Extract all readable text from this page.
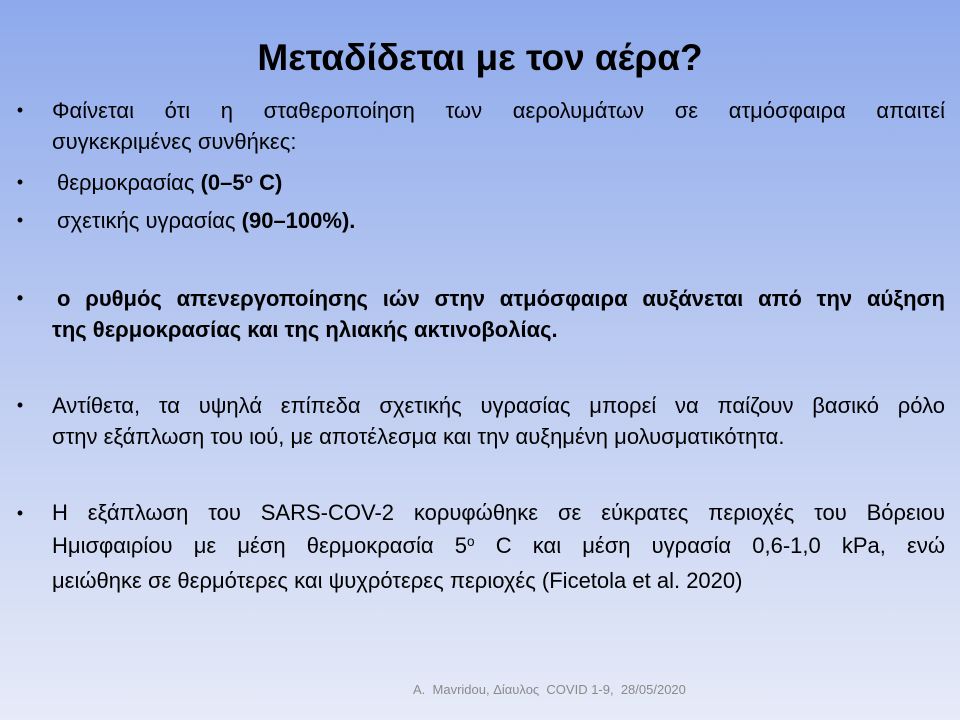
Μεταδίδεται με τον αέρα?
• Φαίνεται ότι η σταθεροποίηση των αερολυμάτων σε ατμόσφαιρα απαιτεί
συγκεκριμένες συνθήκες:
• θερμοκρασίας ($0-5^o$ C)
• σχετικής υγρασίας (90–100%).
• ο ρυθμός απενεργοποίησης ιών στην ατμόσφαιρα αυξάνεται από την αύξηση
της θερμοκρασίας και της ηλιακής ακτινοβολίας.
• Αντίθετα, τα υψηλά επίπεδα σχετικής υγρασίας μπορεί να παίζουν βασικό ρόλο
στην εξάπλωση του ιού, με αποτέλεσμα και την αυξημένη μολυσματικότητα.
• Η εξάπλωση του SARS-COV-2 κορυφώθηκε σε εύκρατες περιοχές του Βόρειου
Ημισφαιρίου με μέση θερμοκρασία $5^o$ C και μέση υγρασία 0,6-1,0 kPa, ενώ
μειώθηκε σε θερμότερες και ψυχρότερες περιοχές (Ficetola et al. 2020)
A.  Mavridou, Δίαυλος  COVID 1-9,  28/05/2020
